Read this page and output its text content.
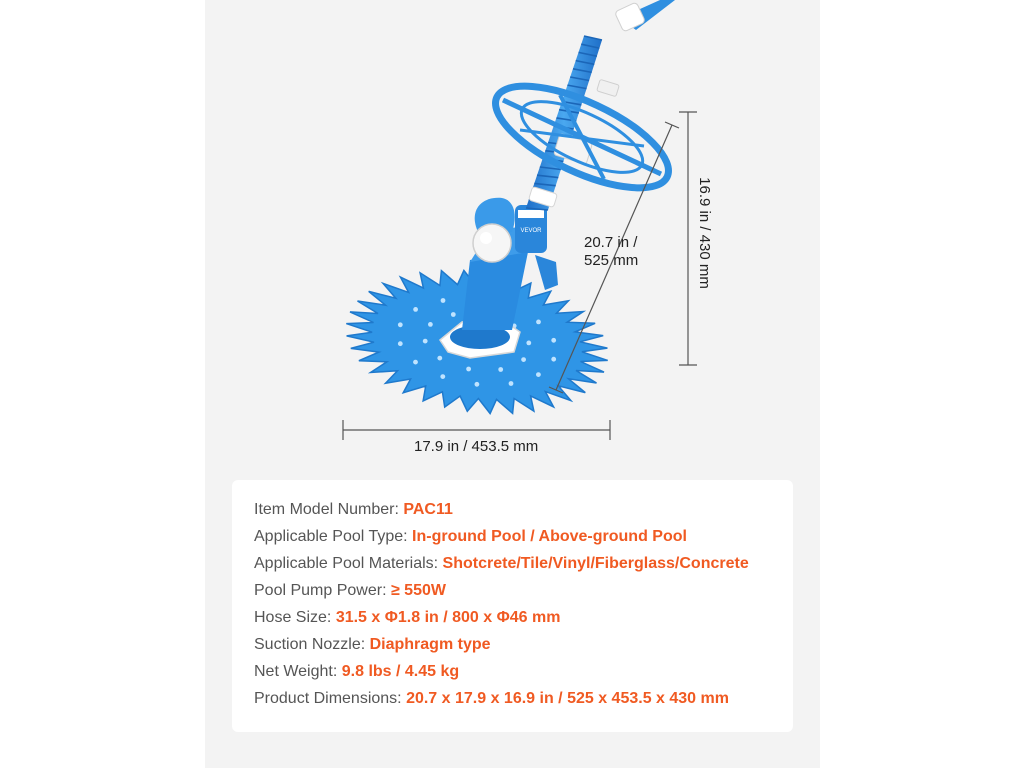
VEVOR
17.9 in / 453.5 mm
20.7 in /
525 mm	16.9 in / 430 mm
Item Model Number: PAC11
Applicable Pool Type: In-ground Pool / Above-ground Pool
Applicable Pool Materials: Shotcrete/Tile/Vinyl/Fiberglass/Concrete
Pool Pump Power: ≥ 550W
Hose Size: 31.5 x Φ1.8 in / 800 x Φ46 mm
Suction Nozzle: Diaphragm type
Net Weight: 9.8 lbs / 4.45 kg
Product Dimensions: 20.7 x 17.9 x 16.9 in / 525 x 453.5 x 430 mm
